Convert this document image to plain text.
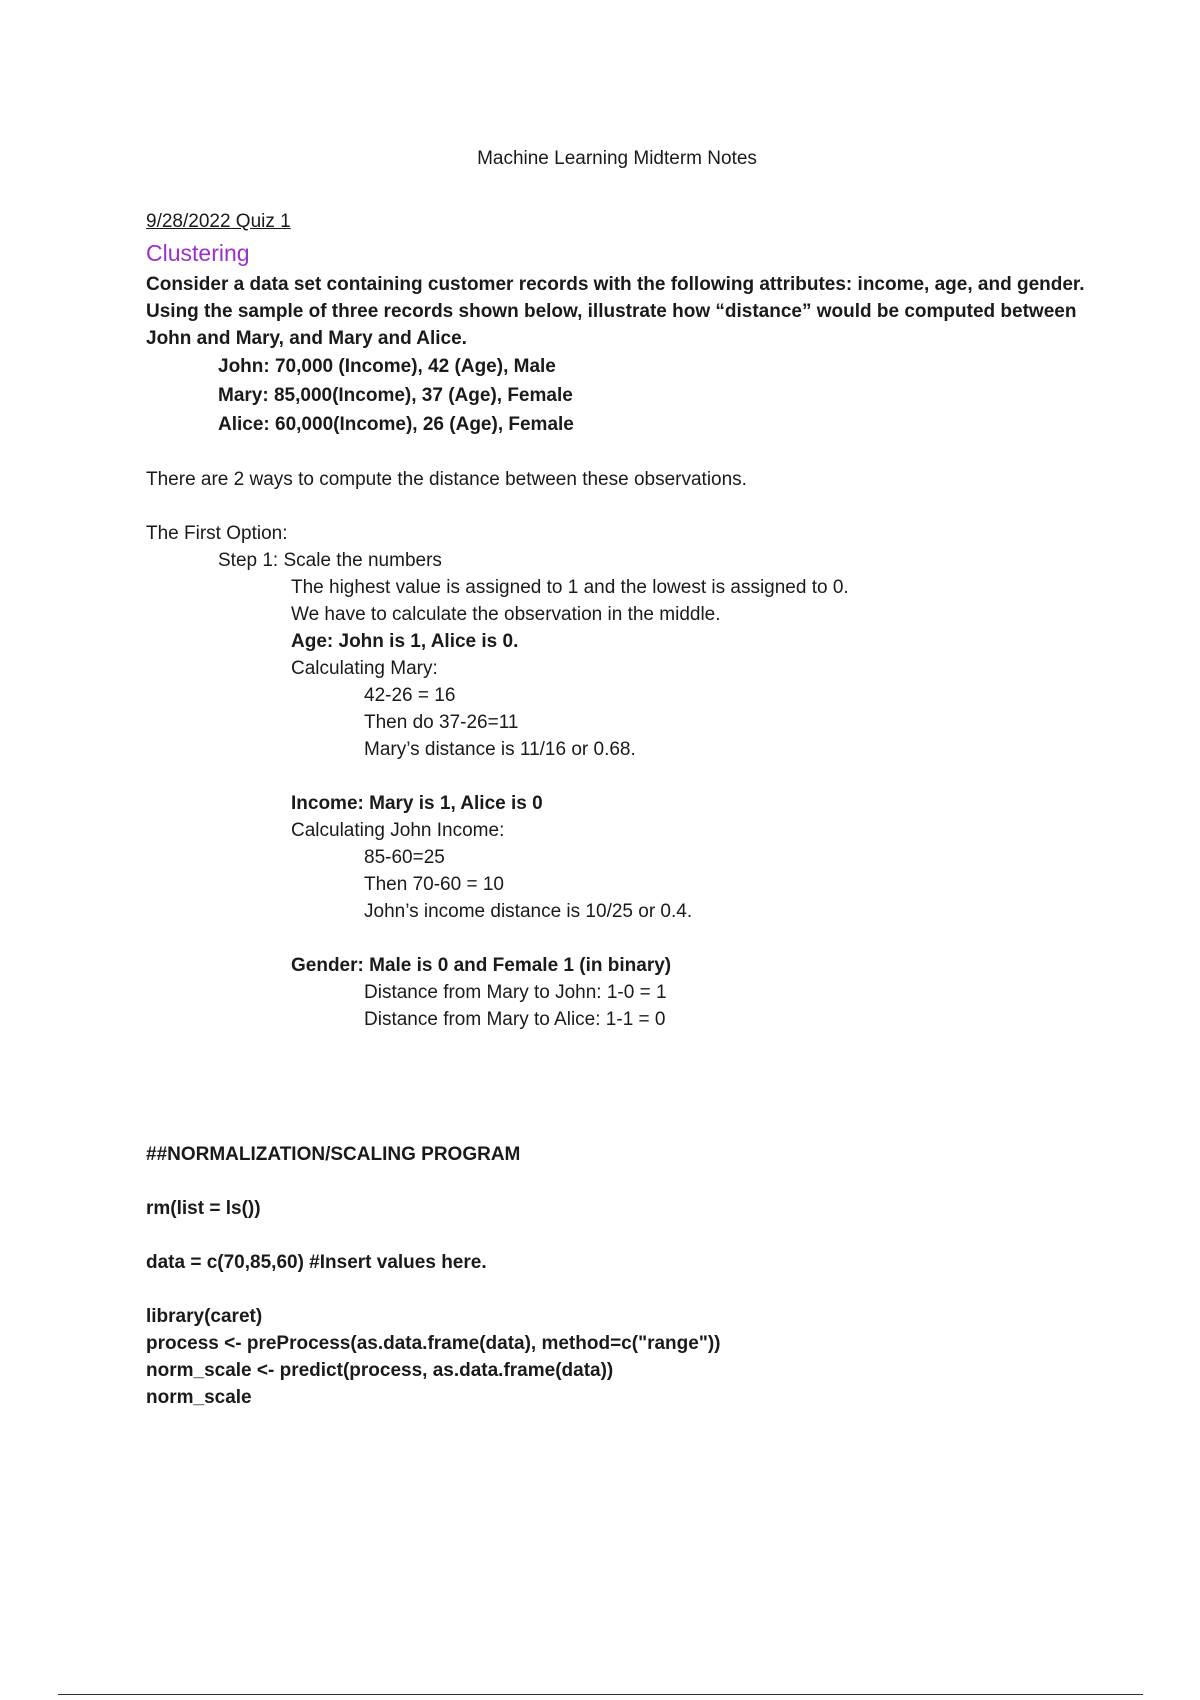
Machine Learning Midterm Notes

9/28/2022 Quiz 1

Clustering

Consider a data set containing customer records with the following attributes: income, age, and gender. Using the sample of three records shown below, illustrate how “distance” would be computed between John and Mary, and Mary and Alice.

John: 70,000 (Income), 42 (Age), Male
Mary: 85,000(Income), 37 (Age), Female
Alice: 60,000(Income), 26 (Age), Female

There are 2 ways to compute the distance between these observations.

The First Option:

Step 1: Scale the numbers

The highest value is assigned to 1 and the lowest is assigned to 0.

We have to calculate the observation in the middle.

Age: John is 1, Alice is 0.

Calculating Mary:

42-26 = 16

Then do 37-26=11

Mary’s distance is 11/16 or 0.68.

Income: Mary is 1, Alice is 0

Calculating John Income:

85-60=25

Then 70-60 = 10

John’s income distance is 10/25 or 0.4.

Gender: Male is 0 and Female 1 (in binary)

Distance from Mary to John: 1-0 = 1

Distance from Mary to Alice: 1-1 = 0

##NORMALIZATION/SCALING PROGRAM

rm(list = ls())

data = c(70,85,60) #Insert values here.

library(caret)

process <- preProcess(as.data.frame(data), method=c("range"))

norm_scale <- predict(process, as.data.frame(data))

norm_scale
